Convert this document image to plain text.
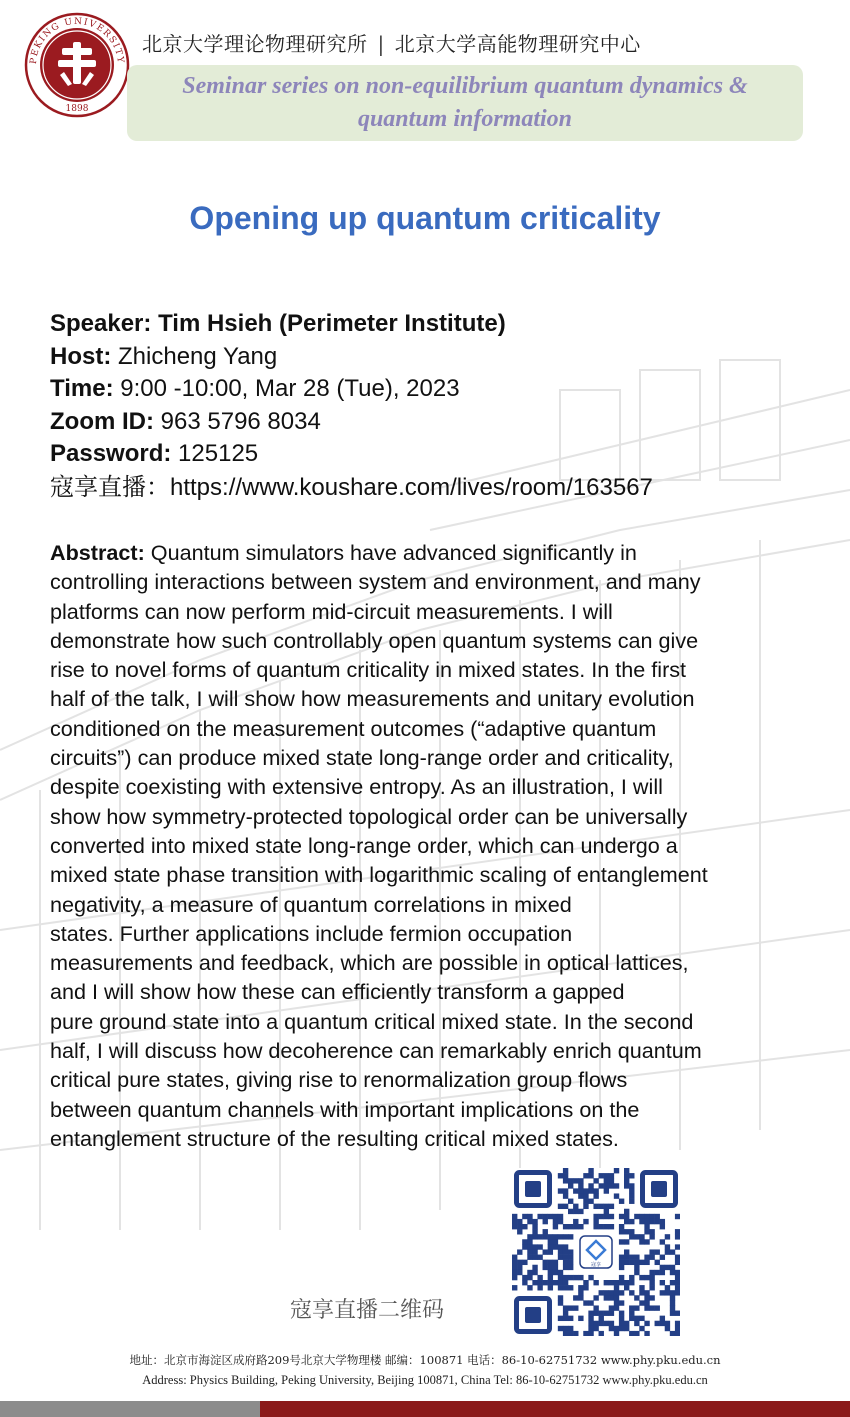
PEKING UNIVERSITY
1898
北京大学理论物理研究所 | 北京大学高能物理研究中心
Seminar series on non-equilibrium quantum dynamics &
quantum information
Opening up quantum criticality
Speaker: Tim Hsieh (Perimeter Institute)
Host: Zhicheng Yang
Time: 9:00 -10:00, Mar 28 (Tue), 2023
Zoom ID: 963 5796 8034
Password: 125125
寇享直播：https://www.koushare.com/lives/room/163567
Abstract: Quantum simulators have advanced significantly in
controlling interactions between system and environment, and many
platforms can now perform mid-circuit measurements. I will
demonstrate how such controllably open quantum systems can give
rise to novel forms of quantum criticality in mixed states. In the first
half of the talk, I will show how measurements and unitary evolution
conditioned on the measurement outcomes (“adaptive quantum
circuits”) can produce mixed state long-range order and criticality,
despite coexisting with extensive entropy. As an illustration, I will
show how symmetry-protected topological order can be universally
converted into mixed state long-range order, which can undergo a
mixed state phase transition with logarithmic scaling of entanglement
negativity, a measure of quantum correlations in mixed
states. Further applications include fermion occupation
measurements and feedback, which are possible in optical lattices,
and I will show how these can efficiently transform a gapped
pure ground state into a quantum critical mixed state. In the second
half, I will discuss how decoherence can remarkably enrich quantum
critical pure states, giving rise to renormalization group flows
between quantum channels with important implications on the
entanglement structure of the resulting critical mixed states.
寇享直播二维码
寇享
地址：北京市海淀区成府路209号北京大学物理楼 邮编：100871 电话：86-10-62751732 www.phy.pku.edu.cn
Address: Physics Building, Peking University, Beijing 100871, China Tel: 86-10-62751732 www.phy.pku.edu.cn
